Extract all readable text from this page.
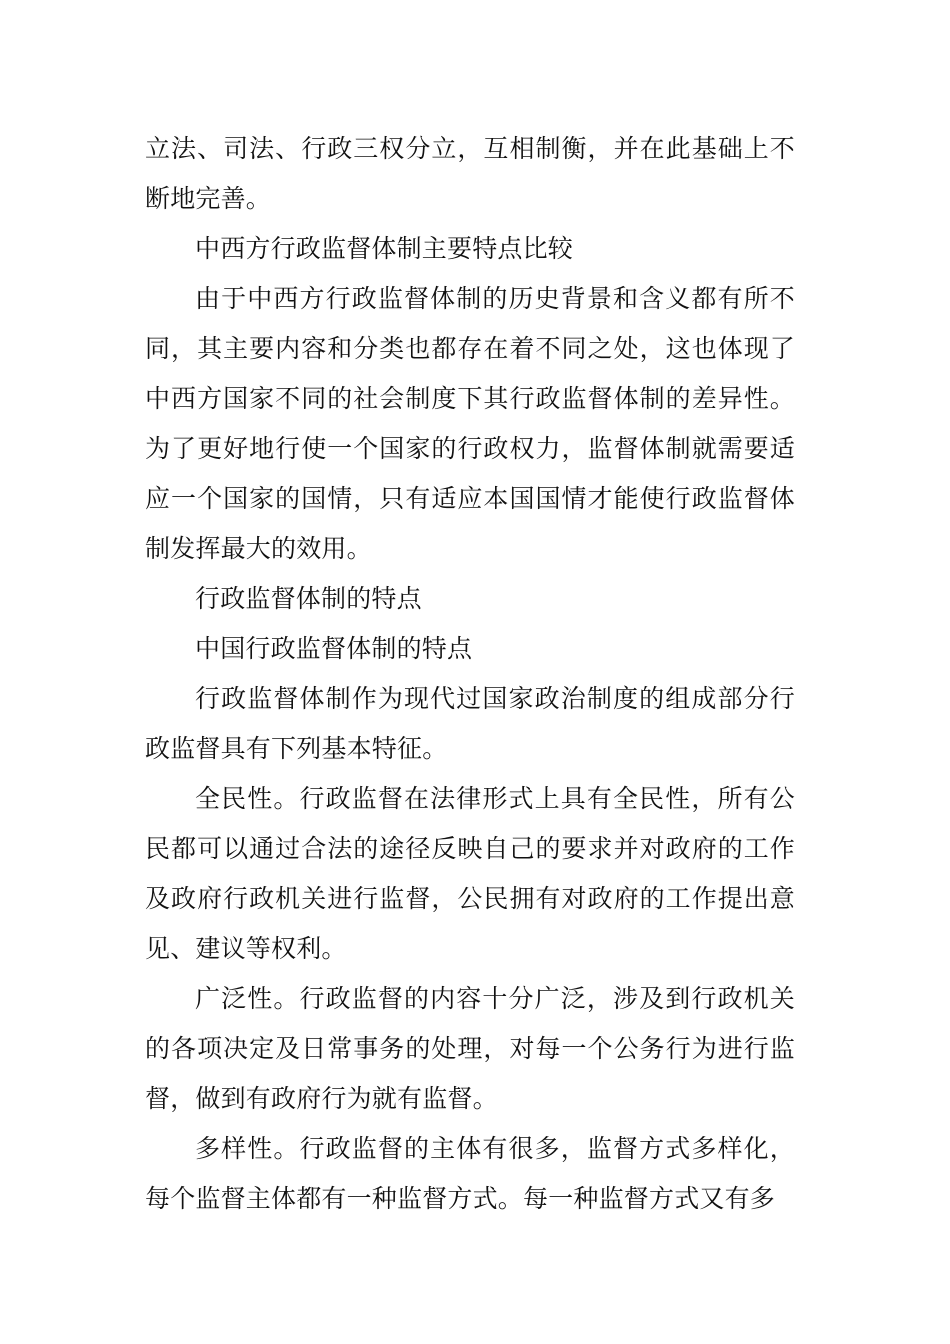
立法、司法、行政三权分立，互相制衡，并在此基础上不断地完善。

中西方行政监督体制主要特点比较

由于中西方行政监督体制的历史背景和含义都有所不同，其主要内容和分类也都存在着不同之处，这也体现了中西方国家不同的社会制度下其行政监督体制的差异性。为了更好地行使一个国家的行政权力，监督体制就需要适应一个国家的国情，只有适应本国国情才能使行政监督体制发挥最大的效用。

行政监督体制的特点

中国行政监督体制的特点

行政监督体制作为现代过国家政治制度的组成部分行政监督具有下列基本特征。

全民性。行政监督在法律形式上具有全民性，所有公民都可以通过合法的途径反映自己的要求并对政府的工作及政府行政机关进行监督，公民拥有对政府的工作提出意见、建议等权利。

广泛性。行政监督的内容十分广泛，涉及到行政机关的各项决定及日常事务的处理，对每一个公务行为进行监督，做到有政府行为就有监督。

多样性。行政监督的主体有很多，监督方式多样化，每个监督主体都有一种监督方式。每一种监督方式又有多
